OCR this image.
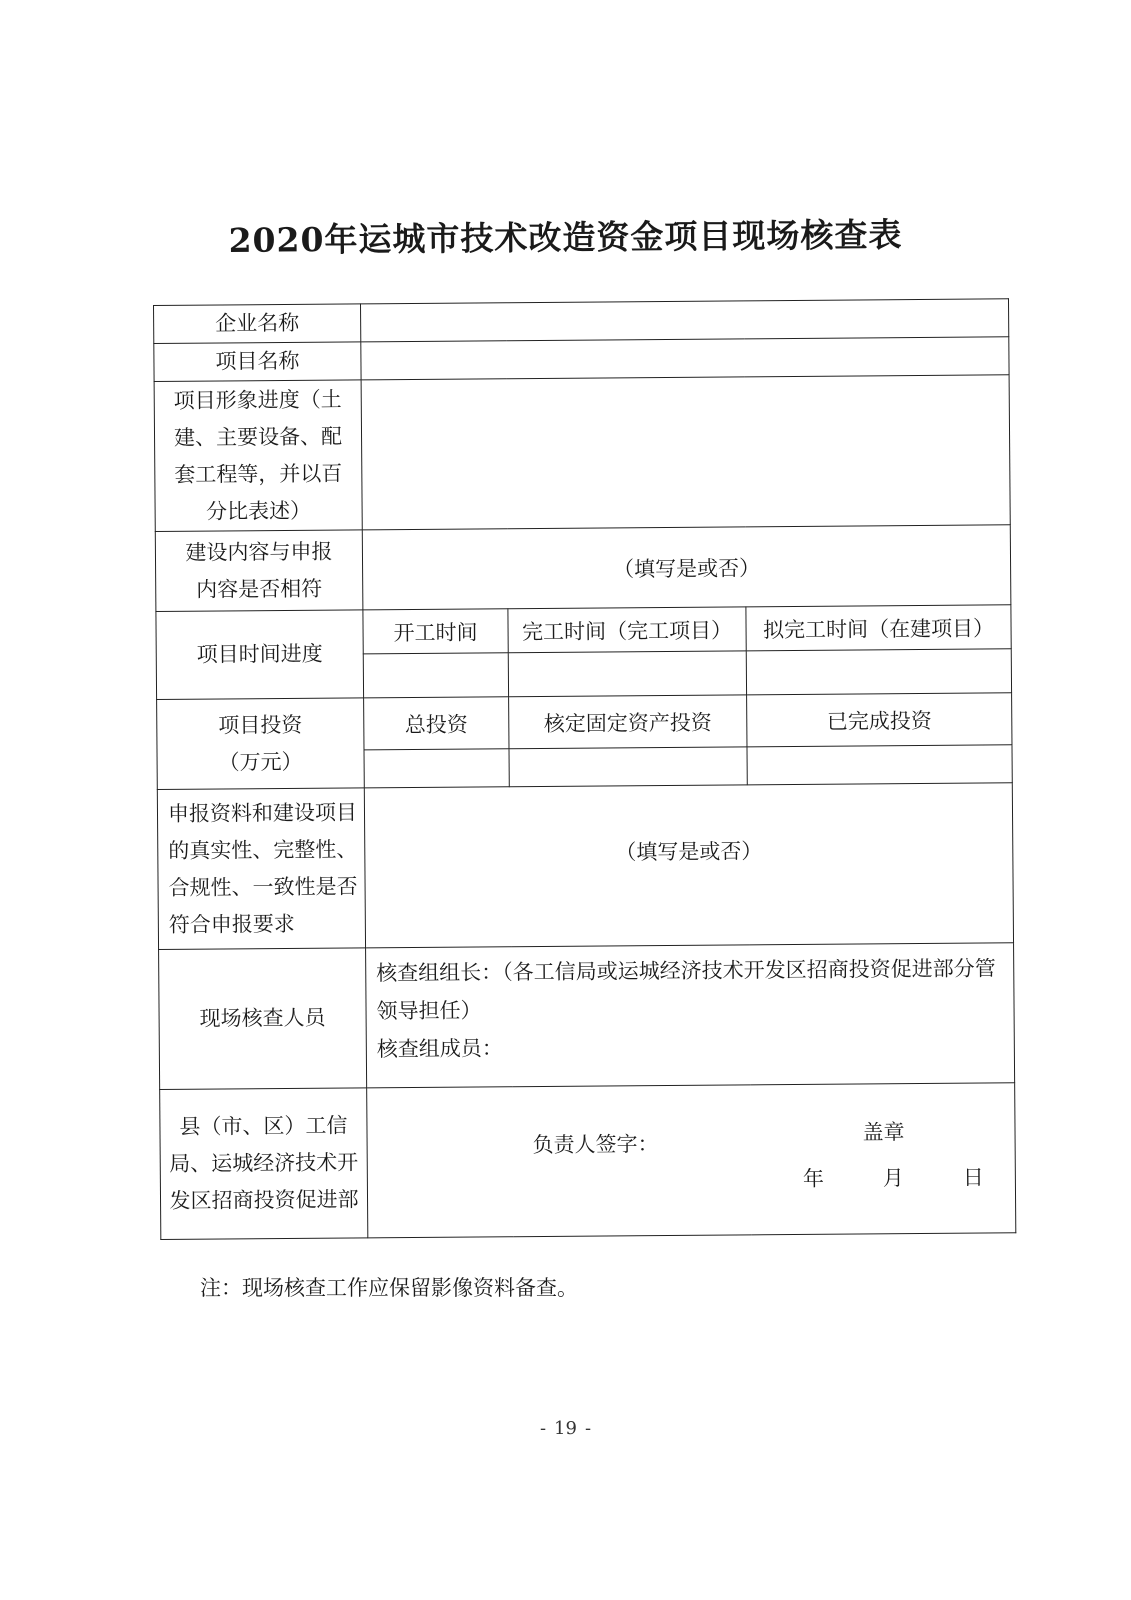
2020年运城市技术改造资金项目现场核查表
企业名称			
项目名称			
项目形象进度（土建、主要设备、配套工程等，并以百分比表述）			
建设内容与申报内容是否相符	（填写是或否）		
项目时间进度	开工时间	完工时间（完工项目）	拟完工时间（在建项目）

项目投资
（万元）	总投资	核定固定资产投资	已完成投资

申报资料和建设项目的真实性、完整性、合规性、一致性是否符合申报要求	（填写是或否）		
现场核查人员	核查组组长：（各工信局或运城经济技术开发区招商投资促进部分管领导担任）
核查组成员：		

县（市、区）工信局、运城经济技术开发区招商投资促进部	负责人签字： 盖章
年 月 日		
注：现场核查工作应保留影像资料备查。
- 19 -
